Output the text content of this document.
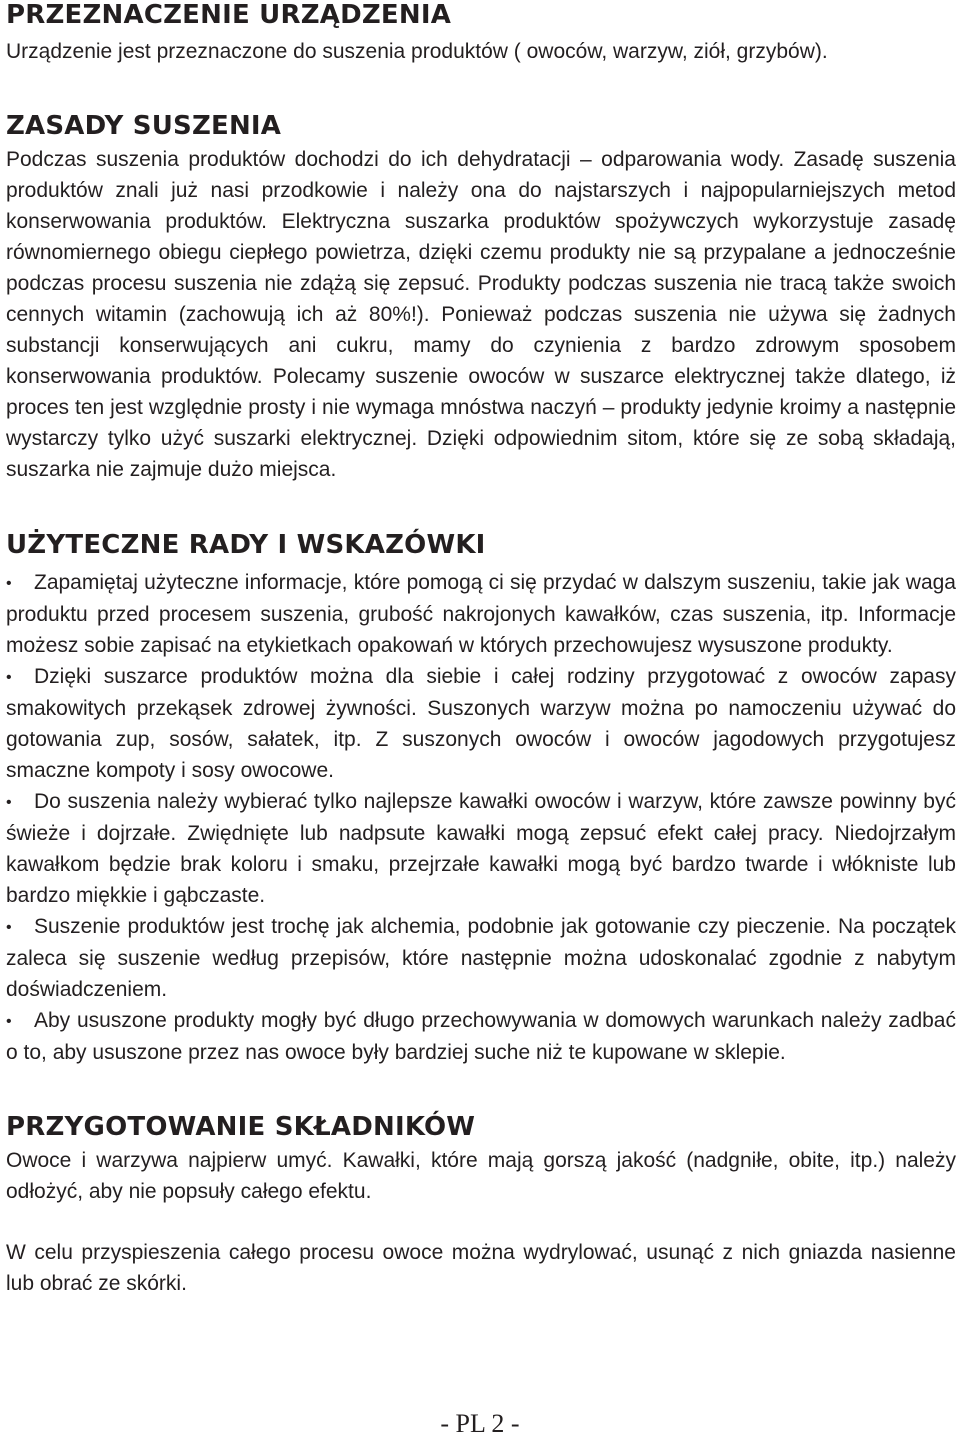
PRZEZNACZENIE URZĄDZENIA

Urządzenie jest przeznaczone do suszenia produktów ( owoców, warzyw, ziół, grzybów).

ZASADY SUSZENIA

Podczas suszenia produktów dochodzi do ich dehydratacji – odparowania wody. Zasadę suszenia produktów znali już nasi przodkowie i należy ona do najstarszych i najpopularniejszych metod konserwowania produktów. Elektryczna suszarka produktów spożywczych wykorzystuje zasadę równomiernego obiegu ciepłego powietrza, dzięki czemu produkty nie są przypalane a jednocześnie podczas procesu suszenia nie zdążą się zepsuć. Produkty podczas suszenia nie tracą także swoich cennych witamin (zachowują ich aż 80%!). Ponieważ podczas suszenia nie używa się żadnych substancji konserwujących ani cukru, mamy do czynienia z bardzo zdrowym sposobem konserwowania produktów. Polecamy suszenie owoców w suszarce elektrycznej także dlatego, iż proces ten jest względnie prosty i nie wymaga mnóstwa naczyń – produkty jedynie kroimy a następnie wystarczy tylko użyć suszarki elektrycznej. Dzięki odpowiednim sitom, które się ze sobą składają, suszarka nie zajmuje dużo miejsca.

UŻYTECZNE RADY I WSKAZÓWKI
• Zapamiętaj użyteczne informacje, które pomogą ci się przydać w dalszym suszeniu, takie jak waga produktu przed procesem suszenia, grubość nakrojonych kawałków, czas suszenia, itp. Informacje możesz sobie zapisać na etykietkach opakowań w których przechowujesz wysuszone produkty.
• Dzięki suszarce produktów można dla siebie i całej rodziny przygotować z owoców zapasy smakowitych przekąsek zdrowej żywności. Suszonych warzyw można po namoczeniu używać do gotowania zup, sosów, sałatek, itp. Z suszonych owoców i owoców jagodowych przygotujesz smaczne kompoty i sosy owocowe.
• Do suszenia należy wybierać tylko najlepsze kawałki owoców i warzyw, które zawsze powinny być świeże i dojrzałe. Zwiędnięte lub nadpsute kawałki mogą zepsuć efekt całej pracy. Niedojrzałym kawałkom będzie brak koloru i smaku, przejrzałe kawałki mogą być bardzo twarde i włókniste lub bardzo miękkie i gąbczaste.
• Suszenie produktów jest trochę jak alchemia, podobnie jak gotowanie czy pieczenie. Na początek zaleca się suszenie według przepisów, które następnie można udoskonalać zgodnie z nabytym doświadczeniem.
• Aby ususzone produkty mogły być długo przechowywania w domowych warunkach należy zadbać o to, aby ususzone przez nas owoce były bardziej suche niż te kupowane w sklepie.
PRZYGOTOWANIE SKŁADNIKÓW

Owoce i warzywa najpierw umyć. Kawałki, które mają gorszą jakość (nadgniłe, obite, itp.) należy odłożyć, aby nie popsuły całego efektu.

W celu przyspieszenia całego procesu owoce można wydrylować, usunąć z nich gniazda nasienne lub obrać ze skórki.

- PL 2 -
